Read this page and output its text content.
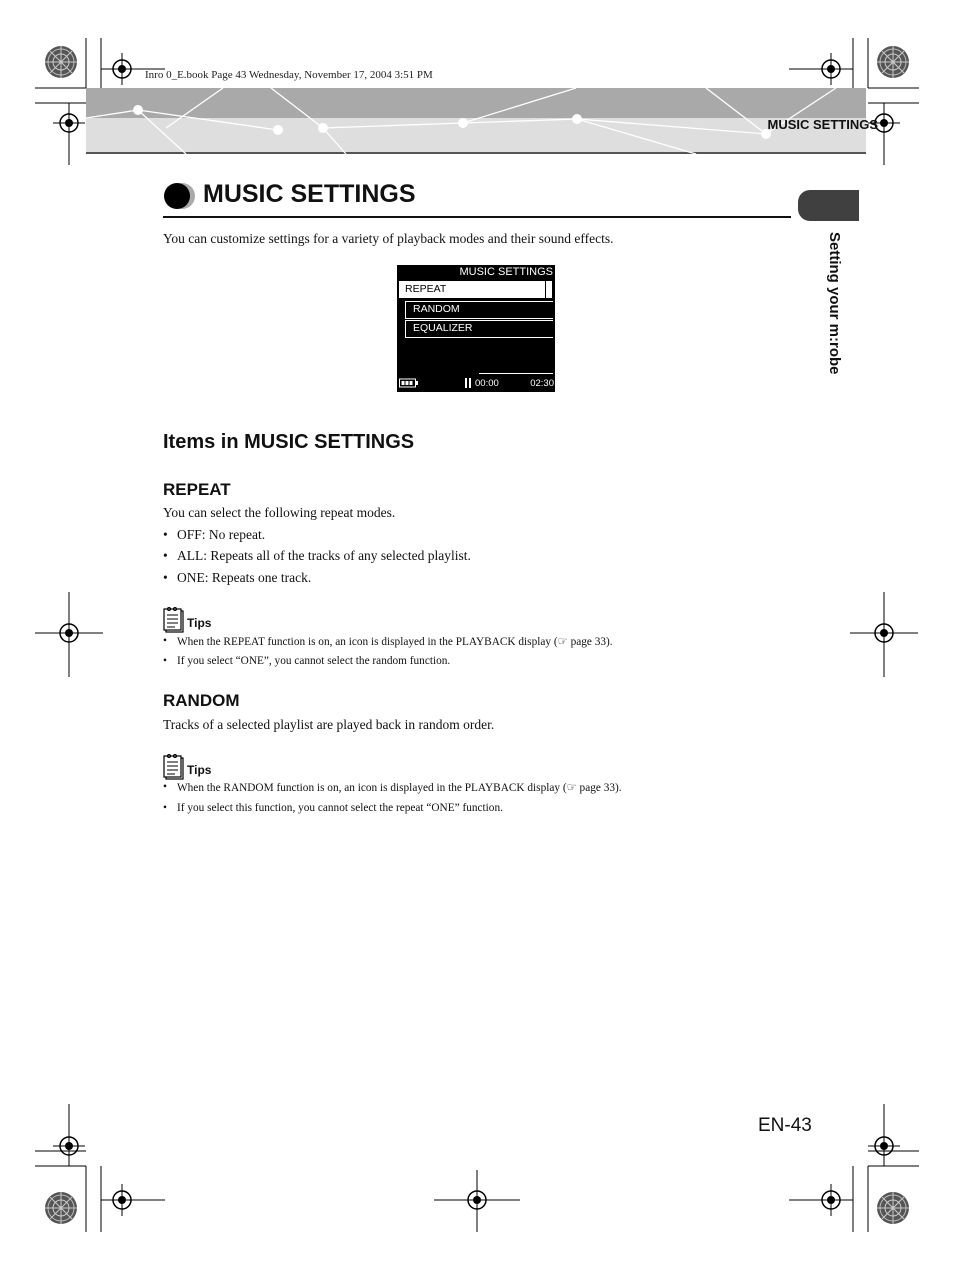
Inro 0_E.book Page 43 Wednesday, November 17, 2004 3:51 PM
MUSIC SETTINGS
MUSIC SETTINGS
Setting your m:robe
You can customize settings for a variety of playback modes and their sound effects.
MUSIC SETTINGS
REPEAT
RANDOM
EQUALIZER
00:00	02:30
Items in MUSIC SETTINGS
REPEAT
You can select the following repeat modes.
• OFF: No repeat.
• ALL: Repeats all of the tracks of any selected playlist.
• ONE: Repeats one track.
Tips
• When the REPEAT function is on, an icon is displayed in the PLAYBACK display (☞ page 33).
• If you select “ONE”, you cannot select the random function.
RANDOM
Tracks of a selected playlist are played back in random order.
Tips
• When the RANDOM function is on, an icon is displayed in the PLAYBACK display (☞ page 33).
• If you select this function, you cannot select the repeat “ONE” function.
EN-43
